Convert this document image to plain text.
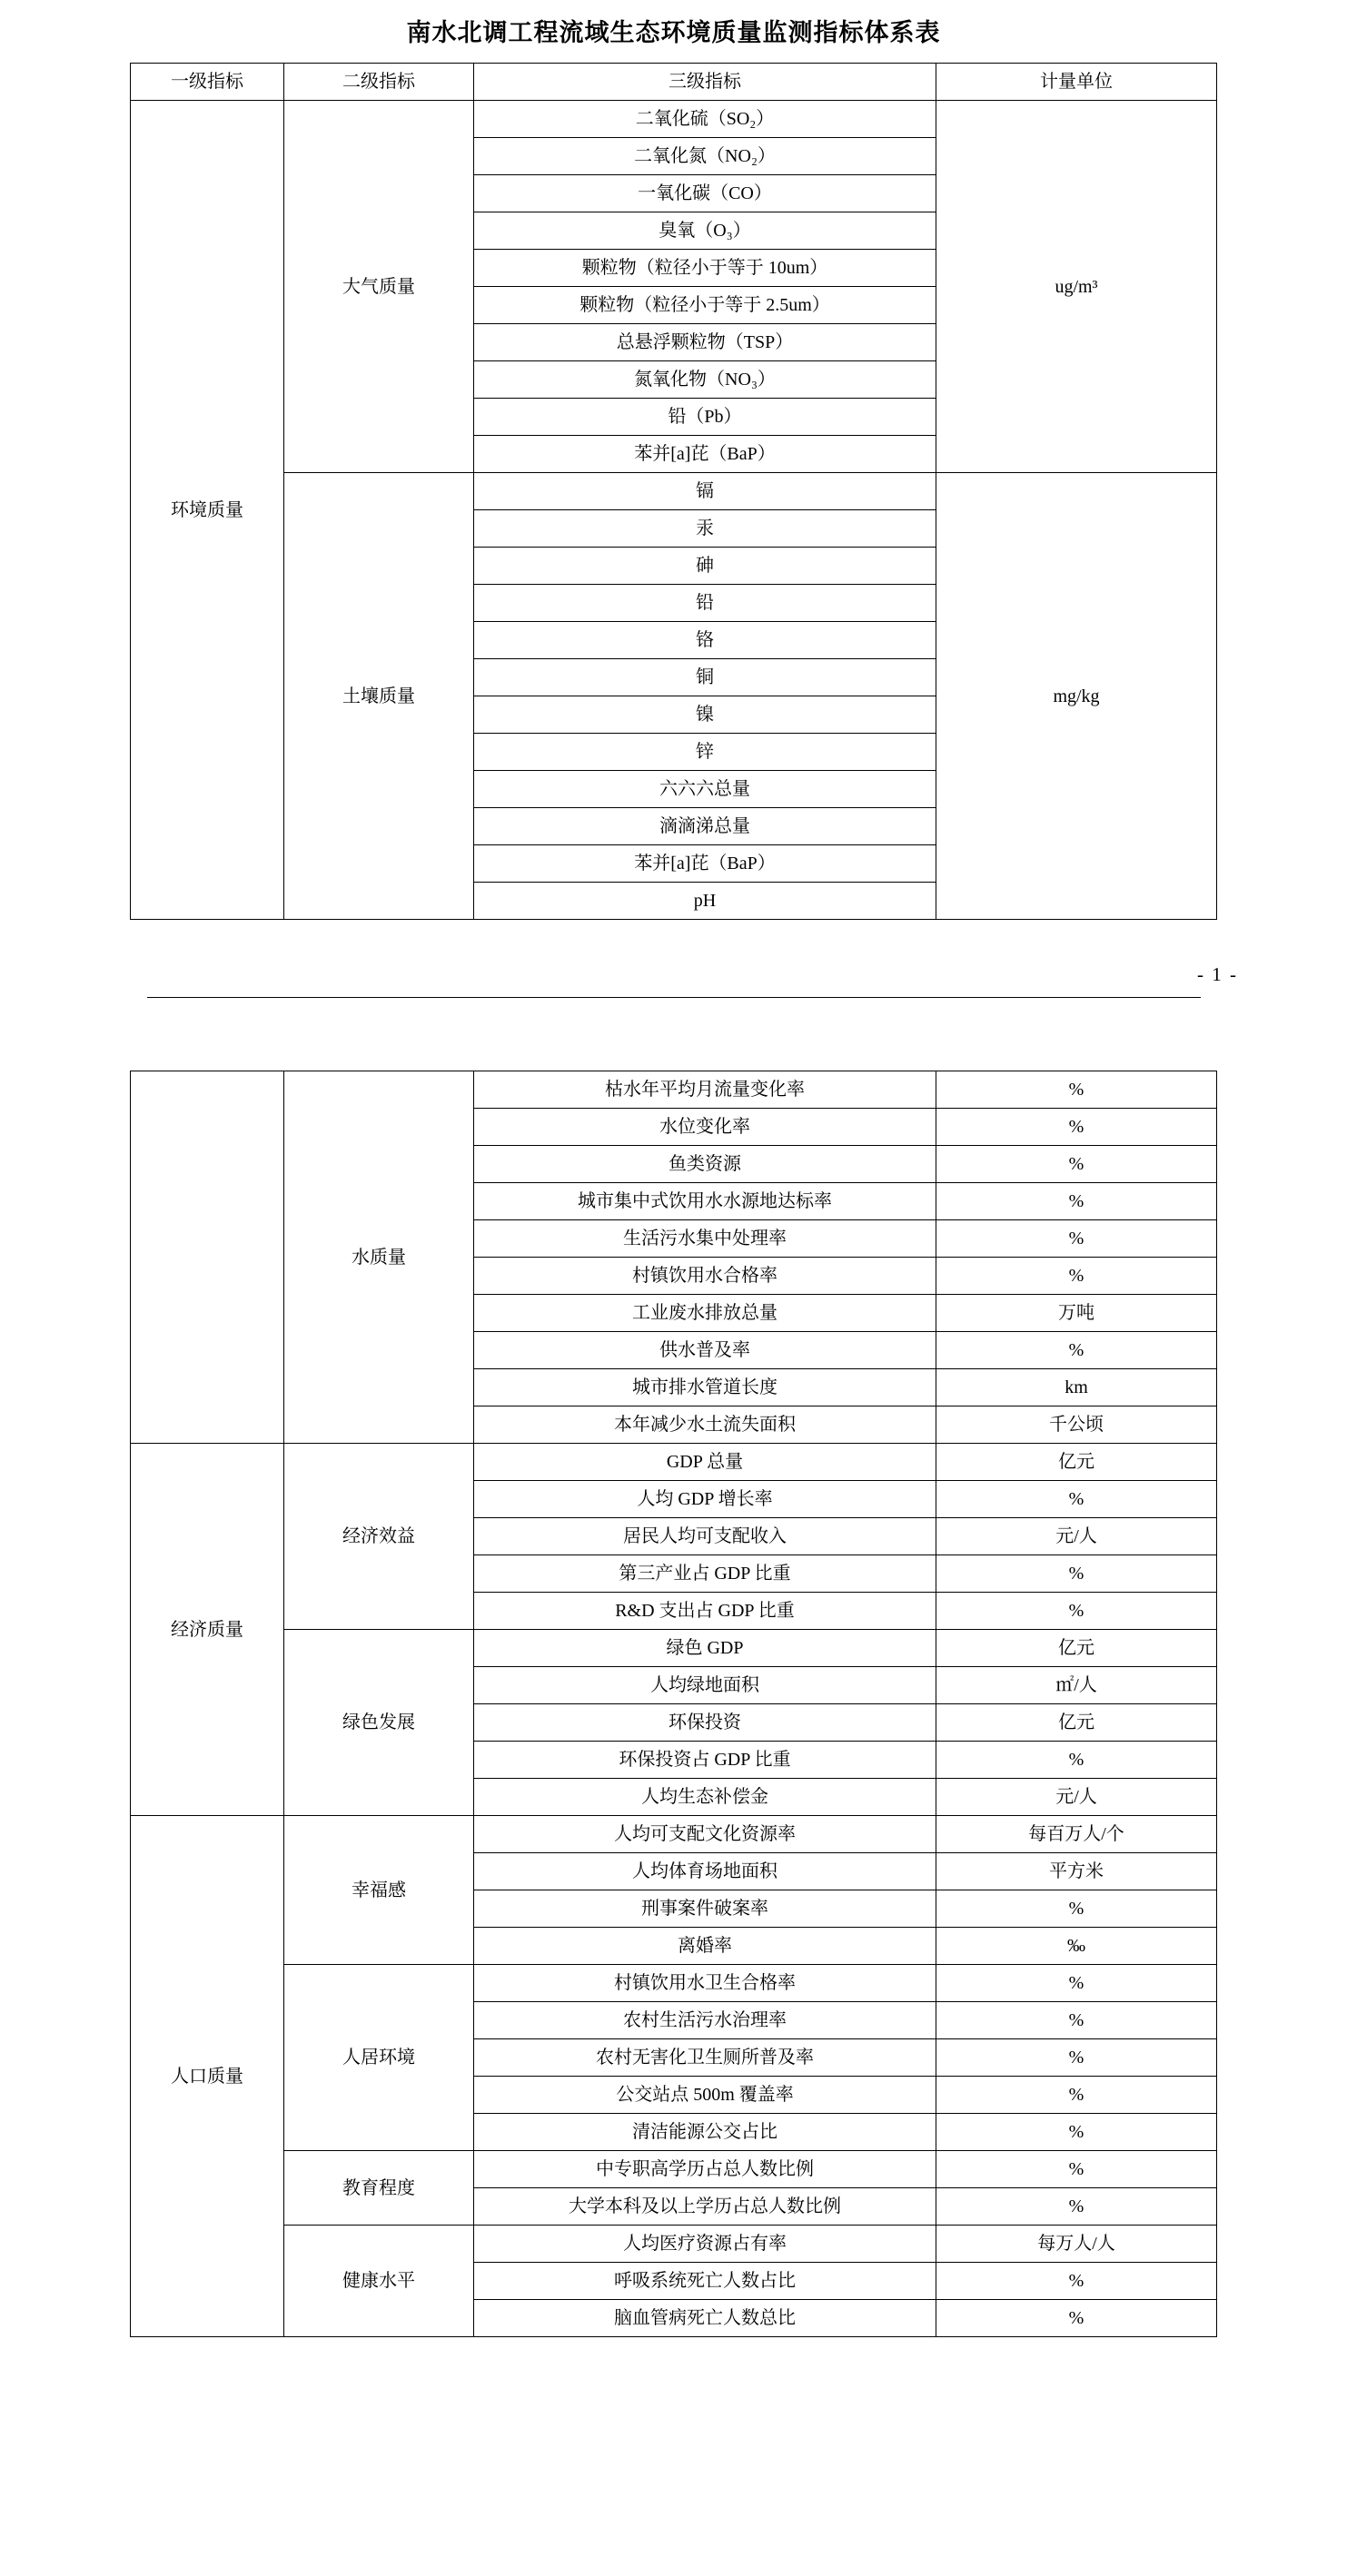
南水北调工程流域生态环境质量监测指标体系表
一级指标	二级指标	三级指标	计量单位
环境质量	大气质量	二氧化硫（SO₂）	ug/m³
		二氧化氮（NO₂）	
		一氧化碳（CO）	
		臭氧（O₃）	
		颗粒物（粒径小于等于 10um）	
		颗粒物（粒径小于等于 2.5um）	
		总悬浮颗粒物（TSP）	
		氮氧化物（NO₃）	
		铅（Pb）	
		苯并[a]芘（BaP）	
	土壤质量	镉	mg/kg
		汞	
		砷	
		铅	
		铬	
		铜	
		镍	
		锌	
		六六六总量	
		滴滴涕总量	
		苯并[a]芘（BaP）	
		pH	
- 1 -
	水质量	枯水年平均月流量变化率	%
		水位变化率	%
		鱼类资源	%
		城市集中式饮用水水源地达标率	%
		生活污水集中处理率	%
		村镇饮用水合格率	%
		工业废水排放总量	万吨
		供水普及率	%
		城市排水管道长度	km
		本年减少水土流失面积	千公顷
经济质量	经济效益	GDP 总量	亿元
		人均 GDP 增长率	%
		居民人均可支配收入	元/人
		第三产业占 GDP 比重	%
		R&D 支出占 GDP 比重	%
	绿色发展	绿色 GDP	亿元
		人均绿地面积	㎡/人
		环保投资	亿元
		环保投资占 GDP 比重	%
		人均生态补偿金	元/人
人口质量	幸福感	人均可支配文化资源率	每百万人/个
		人均体育场地面积	平方米
		刑事案件破案率	%
		离婚率	‰
	人居环境	村镇饮用水卫生合格率	%
		农村生活污水治理率	%
		农村无害化卫生厕所普及率	%
		公交站点 500m 覆盖率	%
		清洁能源公交占比	%
	教育程度	中专职高学历占总人数比例	%
		大学本科及以上学历占总人数比例	%
	健康水平	人均医疗资源占有率	每万人/人
		呼吸系统死亡人数占比	%
		脑血管病死亡人数总比	%
